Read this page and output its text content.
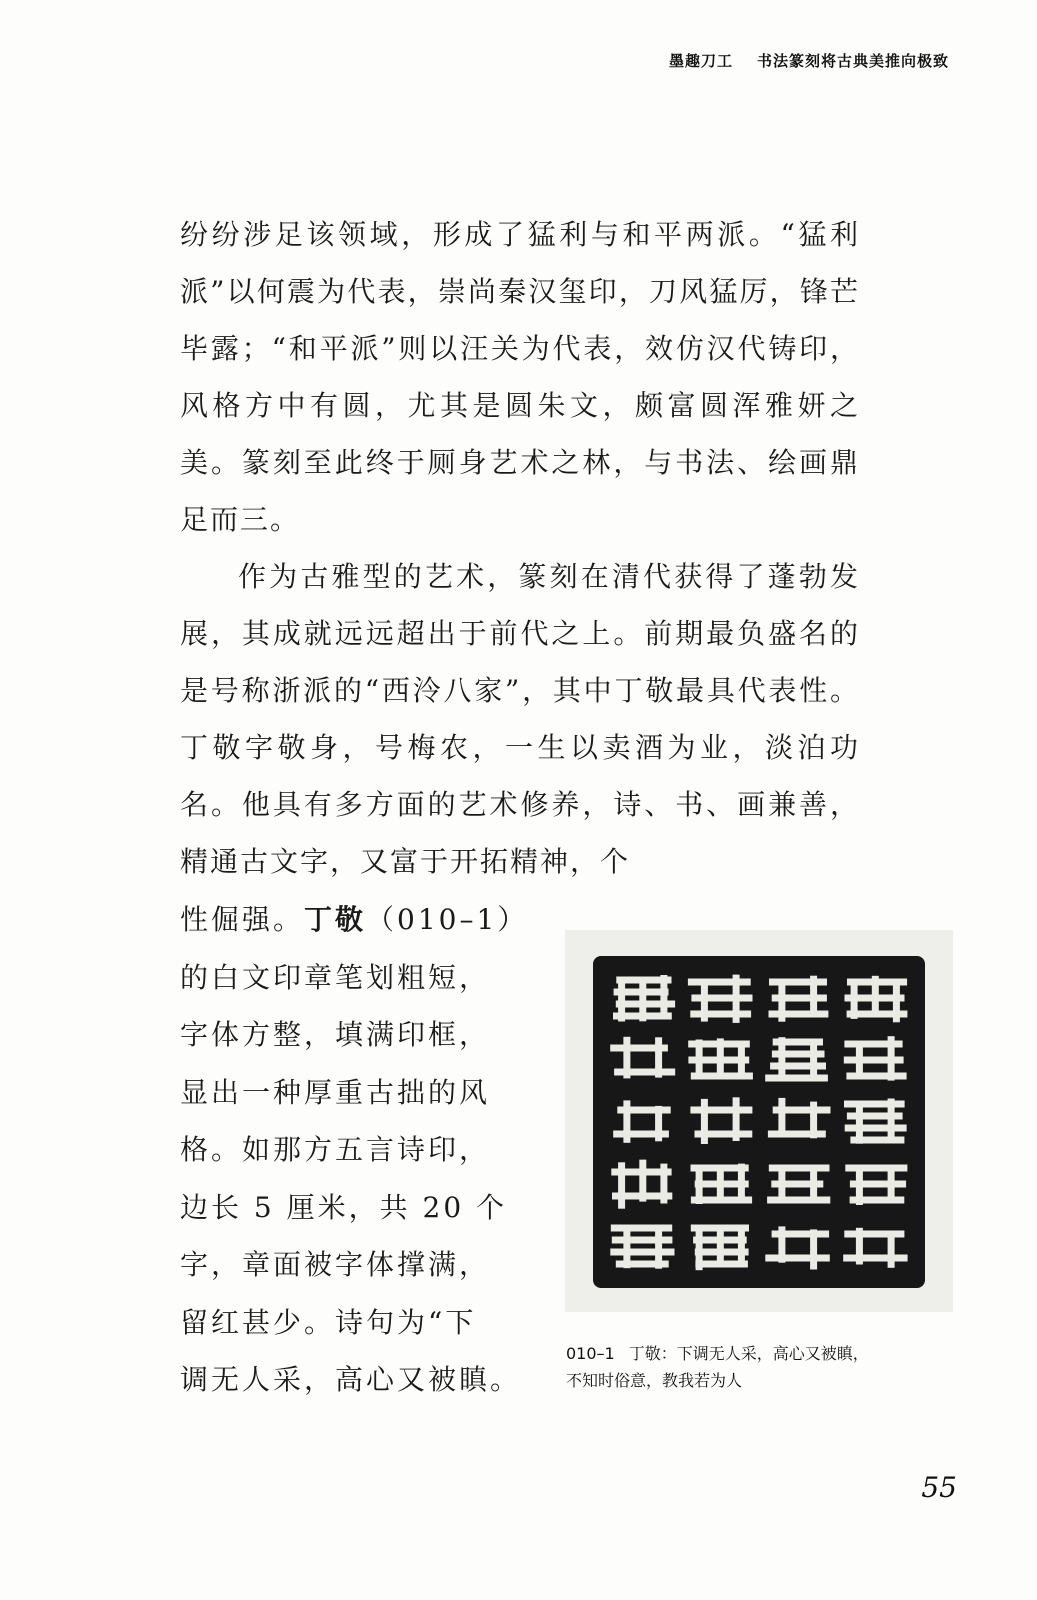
墨趣刀工 书法篆刻将古典美推向极致

纷纷涉足该领域，形成了猛利与和平两派。“猛利派”以何震为代表，崇尚秦汉玺印，刀风猛厉，锋芒毕露；“和平派”则以汪关为代表，效仿汉代铸印，风格方中有圆，尤其是圆朱文，颇富圆浑雅妍之美。篆刻至此终于厕身艺术之林，与书法、绘画鼎足而三。

作为古雅型的艺术，篆刻在清代获得了蓬勃发展，其成就远远超出于前代之上。前期最负盛名的是号称浙派的“西泠八家”，其中丁敬最具代表性。丁敬字敬身，号梅农，一生以卖酒为业，淡泊功名。他具有多方面的艺术修养，诗、书、画兼善，精通古文字，又富于开拓精神，个

性倔强。丁敬（010–1）
的白文印章笔划粗短，
字体方整，填满印框，
显出一种厚重古拙的风
格。如那方五言诗印，
边长 5 厘米，共 20 个
字，章面被字体撑满，
留红甚少。诗句为“下
调无人采，高心又被瞋。
010–1 丁敬：下调无人采，高心又被瞋，
不知时俗意，教我若为人
55
